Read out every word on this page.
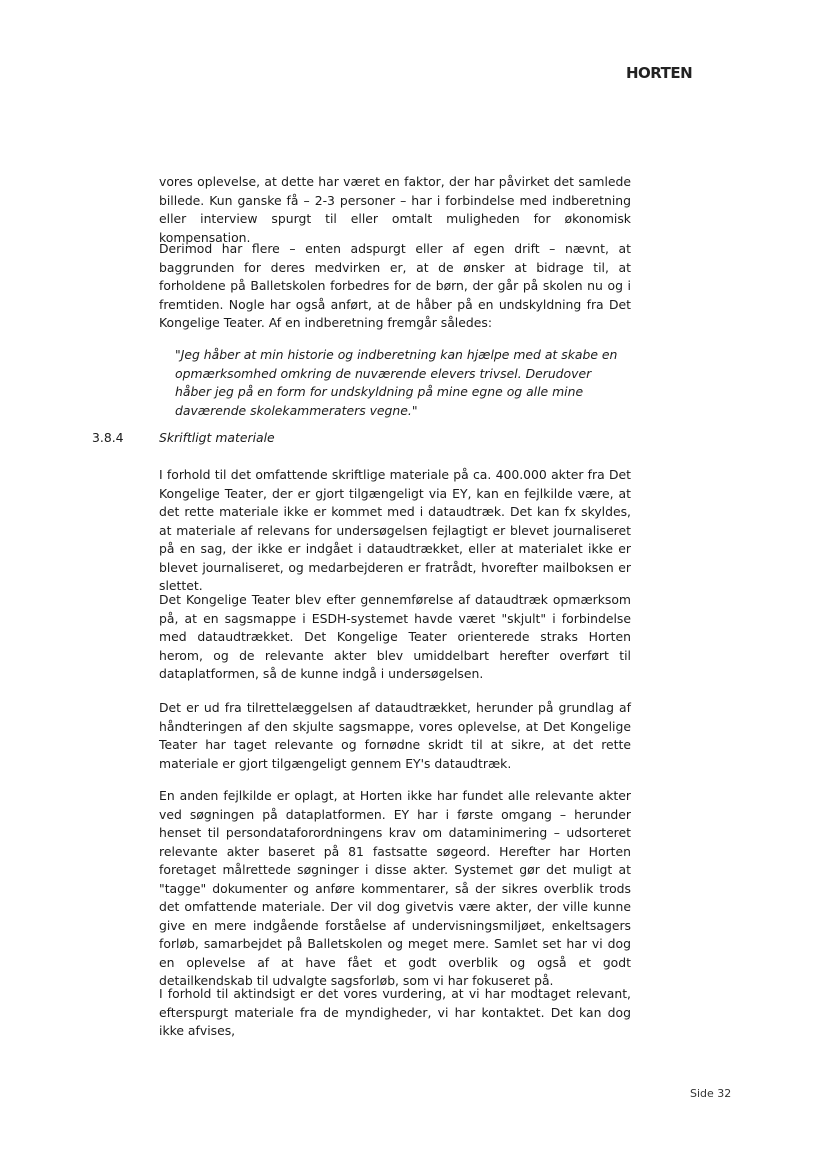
HORTEN

vores oplevelse, at dette har været en faktor, der har påvirket det samlede billede. Kun ganske få – 2-3 personer – har i forbindelse med indberetning eller interview spurgt til eller omtalt muligheden for økonomisk kompensation.

Derimod har flere – enten adspurgt eller af egen drift – nævnt, at baggrunden for deres medvirken er, at de ønsker at bidrage til, at forholdene på Balletskolen forbedres for de børn, der går på skolen nu og i fremtiden. Nogle har også anført, at de håber på en undskyldning fra Det Kongelige Teater. Af en indberetning fremgår således:

"Jeg håber at min historie og indberetning kan hjælpe med at skabe en opmærksomhed omkring de nuværende elevers trivsel. Derudover håber jeg på en form for undskyldning på mine egne og alle mine daværende skolekammeraters vegne."

3.8.4	Skriftligt materiale

I forhold til det omfattende skriftlige materiale på ca. 400.000 akter fra Det Kongelige Teater, der er gjort tilgængeligt via EY, kan en fejlkilde være, at det rette materiale ikke er kommet med i dataudtræk. Det kan fx skyldes, at materiale af relevans for undersøgelsen fejlagtigt er blevet journaliseret på en sag, der ikke er indgået i dataudtrækket, eller at materialet ikke er blevet journaliseret, og medarbejderen er fratrådt, hvorefter mailboksen er slettet.

Det Kongelige Teater blev efter gennemførelse af dataudtræk opmærksom på, at en sagsmappe i ESDH-systemet havde været "skjult" i forbindelse med dataudtrækket. Det Kongelige Teater orienterede straks Horten herom, og de relevante akter blev umiddelbart herefter overført til dataplatformen, så de kunne indgå i undersøgelsen.

Det er ud fra tilrettelæggelsen af dataudtrækket, herunder på grundlag af håndteringen af den skjulte sagsmappe, vores oplevelse, at Det Kongelige Teater har taget relevante og fornødne skridt til at sikre, at det rette materiale er gjort tilgængeligt gennem EY's dataudtræk.

En anden fejlkilde er oplagt, at Horten ikke har fundet alle relevante akter ved søgningen på dataplatformen. EY har i første omgang – herunder henset til persondataforordningens krav om dataminimering – udsorteret relevante akter baseret på 81 fastsatte søgeord. Herefter har Horten foretaget målrettede søgninger i disse akter. Systemet gør det muligt at "tagge" dokumenter og anføre kommentarer, så der sikres overblik trods det omfattende materiale. Der vil dog givetvis være akter, der ville kunne give en mere indgående forståelse af undervisningsmiljøet, enkeltsagers forløb, samarbejdet på Balletskolen og meget mere. Samlet set har vi dog en oplevelse af at have fået et godt overblik og også et godt detailkendskab til udvalgte sagsforløb, som vi har fokuseret på.

I forhold til aktindsigt er det vores vurdering, at vi har modtaget relevant, efterspurgt materiale fra de myndigheder, vi har kontaktet. Det kan dog ikke afvises,

Side 32
